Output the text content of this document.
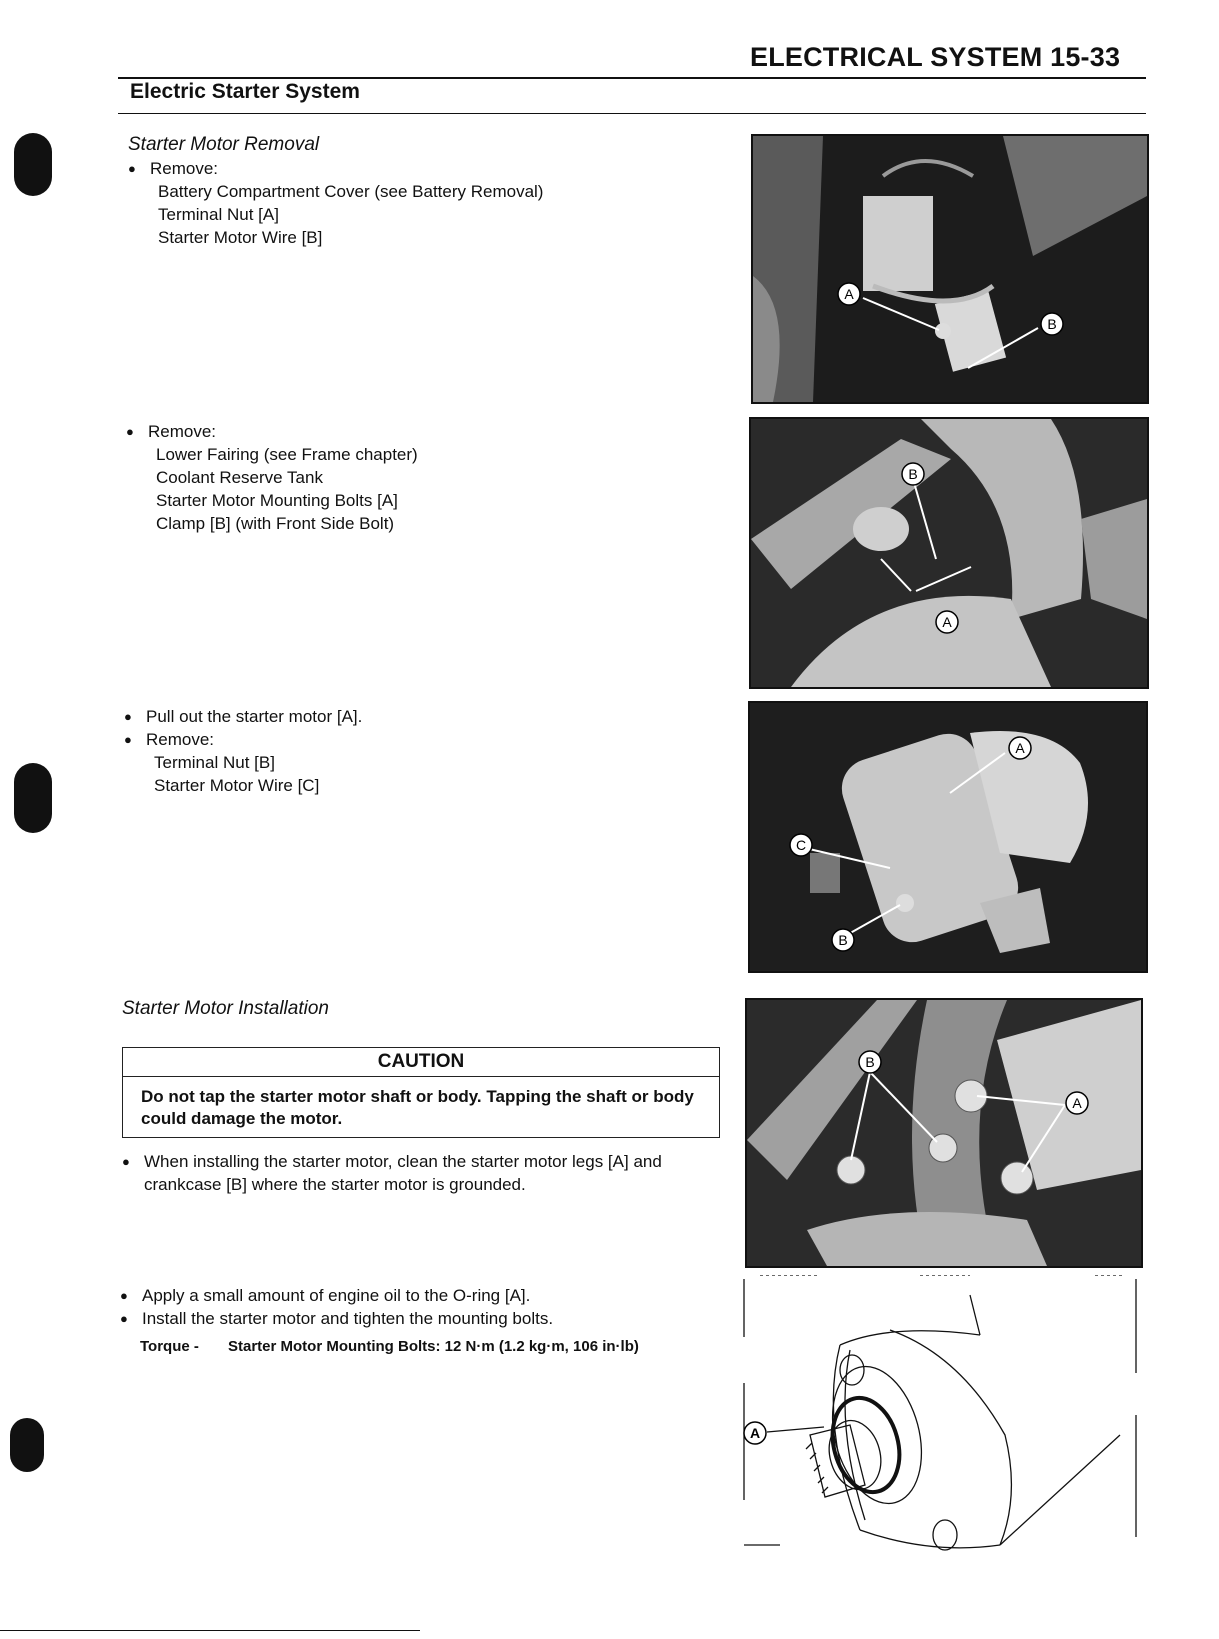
ELECTRICAL SYSTEM 15-33
Electric Starter System
Starter Motor Removal
● Remove:
Battery Compartment Cover (see Battery Removal)
Terminal Nut [A]
Starter Motor Wire [B]
● Remove:
Lower Fairing (see Frame chapter)
Coolant Reserve Tank
Starter Motor Mounting Bolts [A]
Clamp [B] (with Front Side Bolt)
● Pull out the starter motor [A].
● Remove:
Terminal Nut [B]
Starter Motor Wire [C]
Starter Motor Installation
CAUTION
Do not tap the starter motor shaft or body. Tapping the shaft or body could damage the motor.
● When installing the starter motor, clean the starter motor legs [A] and crankcase [B] where the starter motor is grounded.
● Apply a small amount of engine oil to the O-ring [A].
● Install the starter motor and tighten the mounting bolts.
Torque - Starter Motor Mounting Bolts: 12 N·m (1.2 kg·m, 106 in·lb)
A
B
B
A
A
C
B
B
A
A
